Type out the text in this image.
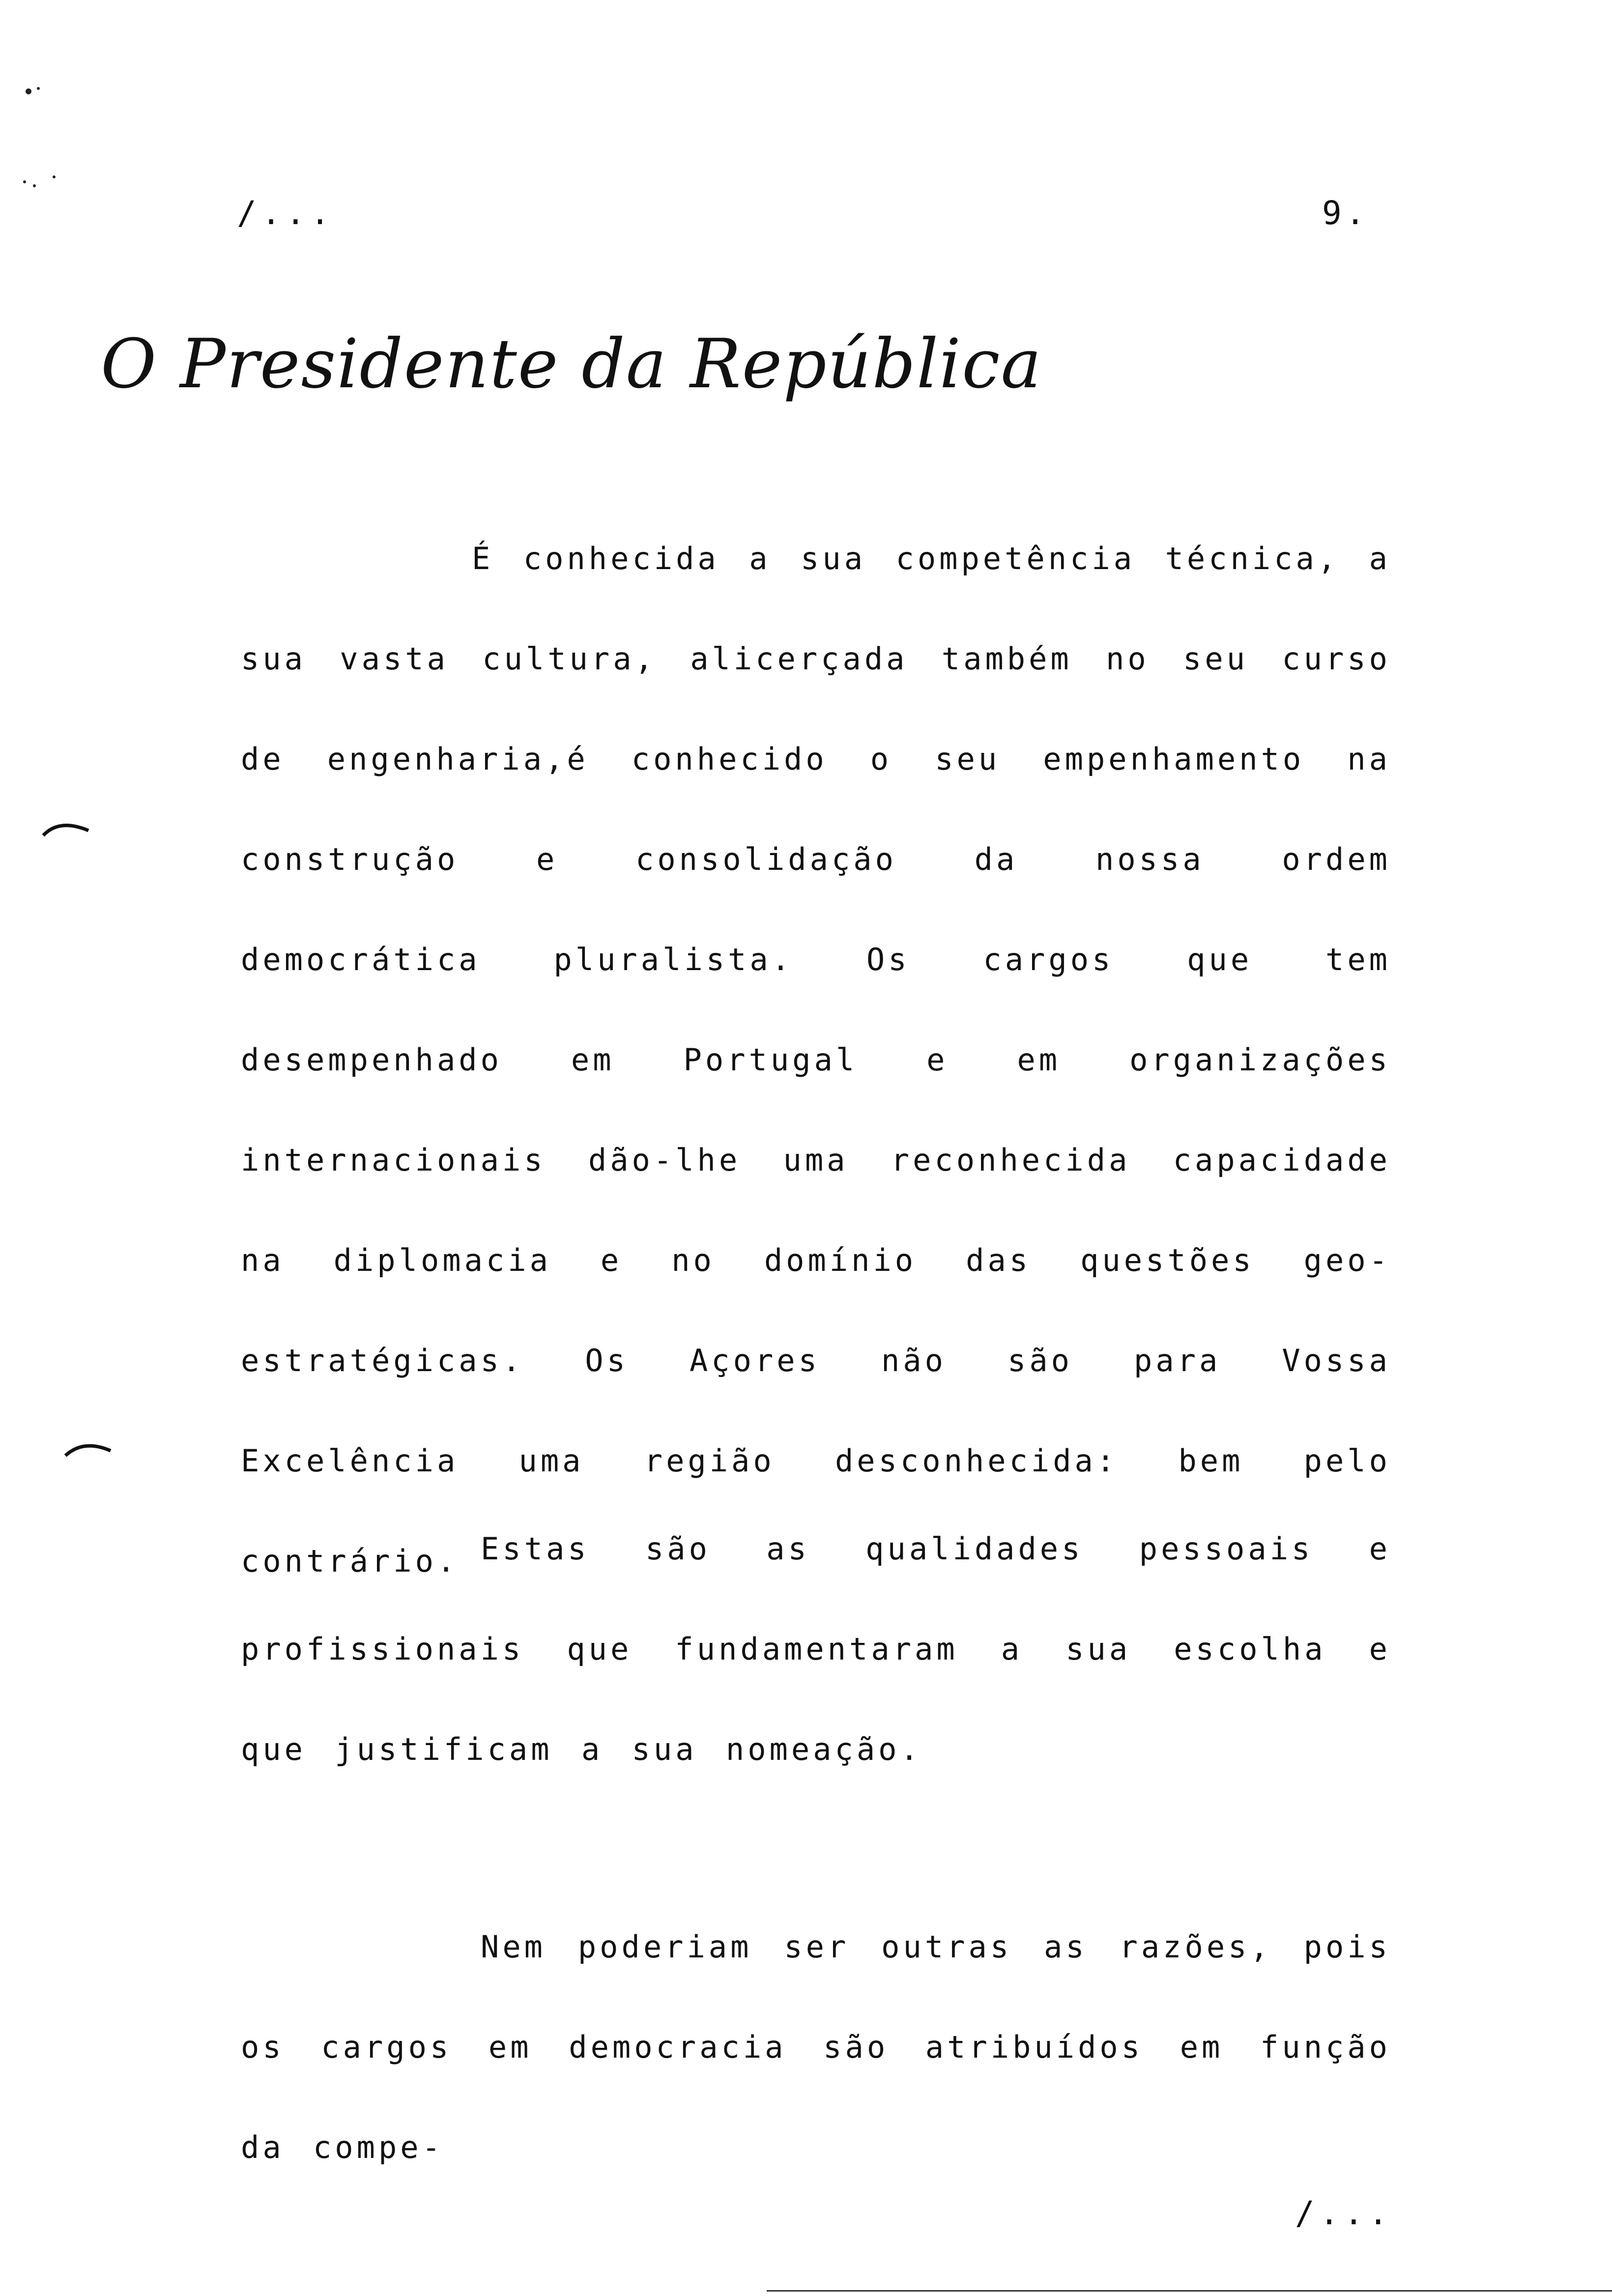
/...	9.
O Presidente da República

É conhecida a sua competência técnica, a sua vasta cultura, alicerçada também no seu curso de engenharia,é conhecido o seu empenhamento na construção e consolidação da nossa ordem democrática pluralista. Os cargos que tem desempenhado em Portugal e em organizações internacionais dão-lhe uma reconhecida capacidade na diplomacia e no domínio das questões geo-estratégicas. Os Açores não são para Vossa Excelência uma região desconhecida: bem pelo contrário. Estas são as qualidades pessoais e profissionais que fundamentaram a sua escolha e que justificam a sua nomeação.

Nem poderiam ser outras as razões, pois os cargos em democracia são atribuídos em função da compe-

/...
